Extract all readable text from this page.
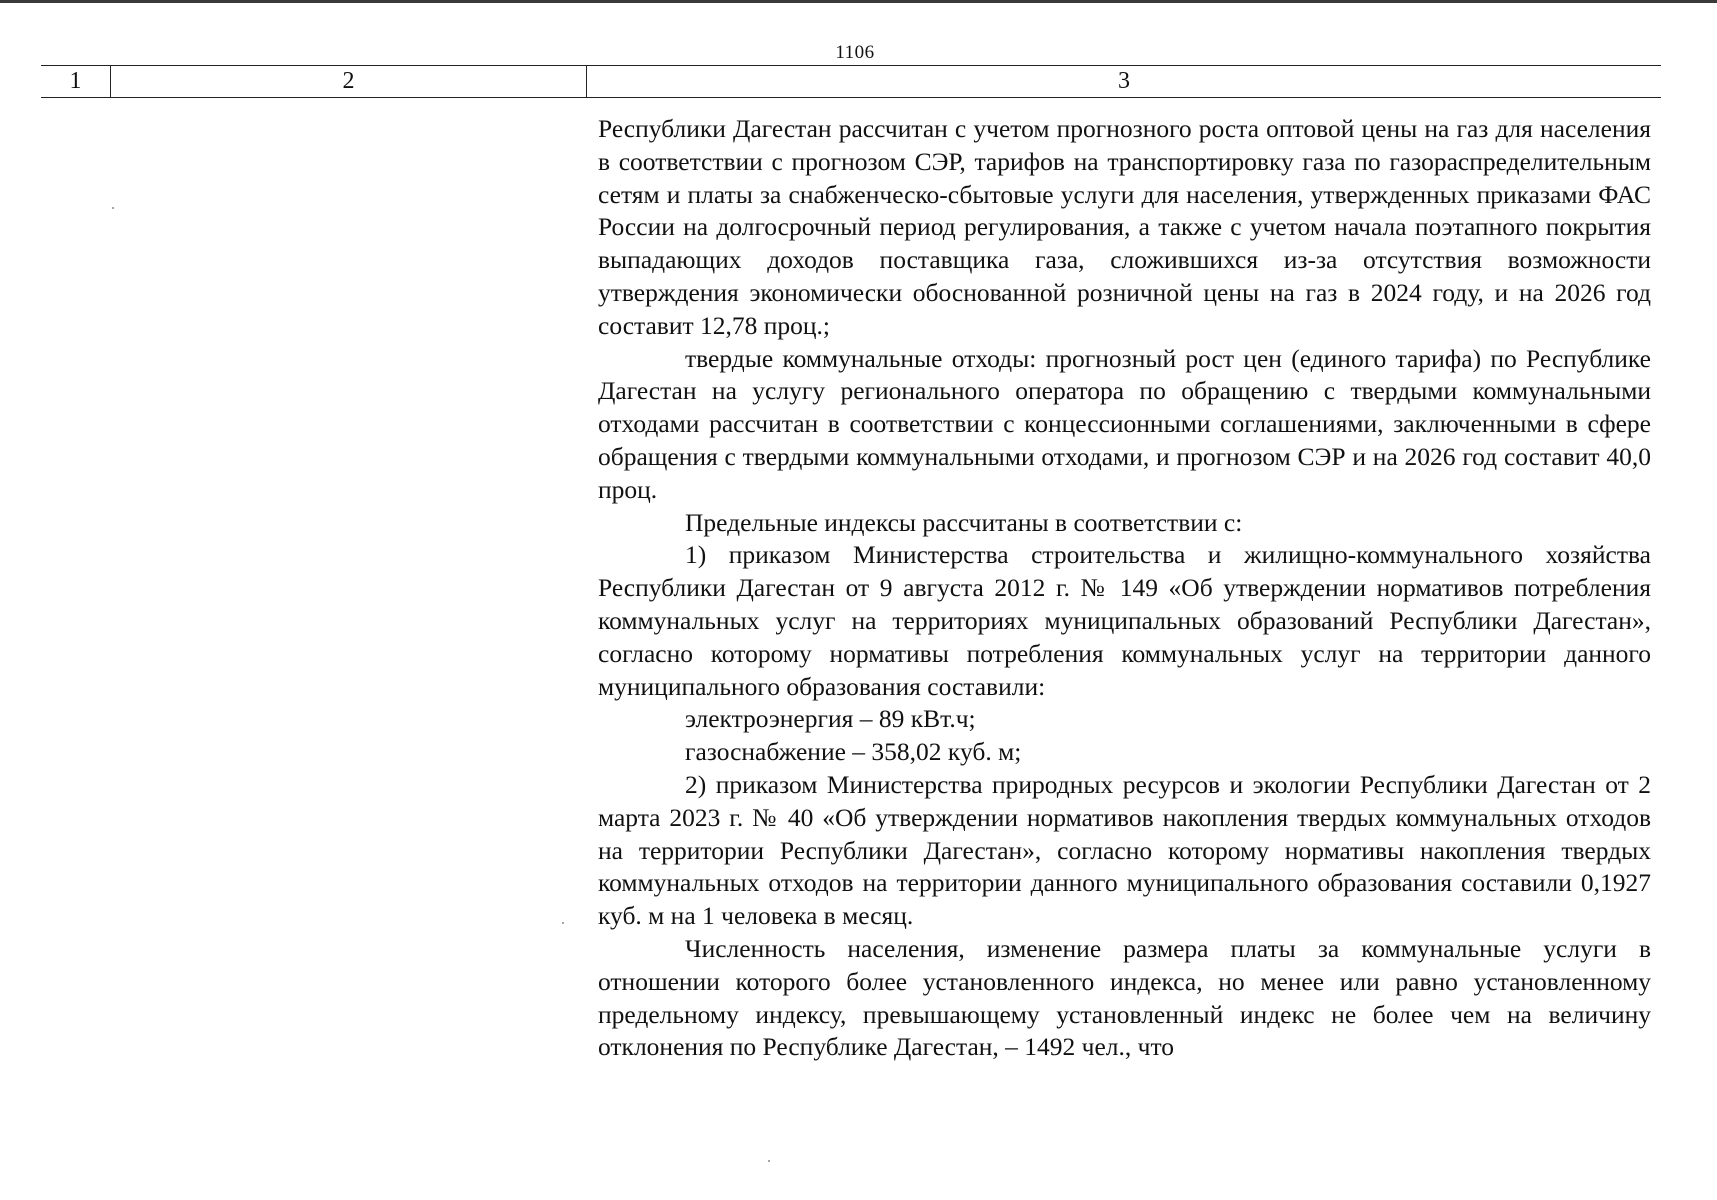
1106
1	2	3

Республики Дагестан рассчитан с учетом прогнозного роста оптовой цены на газ для населения в соответствии с прогнозом СЭР, тарифов на транспортировку газа по газораспределительным сетям и платы за снабженческо-сбытовые услуги для населения, утвержденных приказами ФАС России на долгосрочный период регулирования, а также с учетом начала поэтапного покрытия выпадающих доходов поставщика газа, сложившихся из-за отсутствия возможности утверждения экономически обоснованной розничной цены на газ в 2024 году, и на 2026 год составит 12,78 проц.;

твердые коммунальные отходы: прогнозный рост цен (единого тарифа) по Республике Дагестан на услугу регионального оператора по обращению с твердыми коммунальными отходами рассчитан в соответствии с концессионными соглашениями, заключенными в сфере обращения с твердыми коммунальными отходами, и прогнозом СЭР и на 2026 год составит 40,0 проц.

Предельные индексы рассчитаны в соответствии с:

1) приказом Министерства строительства и жилищно-коммунального хозяйства Республики Дагестан от 9 августа 2012 г. № 149 «Об утверждении нормативов потребления коммунальных услуг на территориях муниципальных образований Республики Дагестан», согласно которому нормативы потребления коммунальных услуг на территории данного муниципального образования составили:

электроэнергия – 89 кВт.ч;

газоснабжение – 358,02 куб. м;

2) приказом Министерства природных ресурсов и экологии Республики Дагестан от 2 марта 2023 г. № 40 «Об утверждении нормативов накопления твердых коммунальных отходов на территории Республики Дагестан», согласно которому нормативы накопления твердых коммунальных отходов на территории данного муниципального образования составили 0,1927 куб. м на 1 человека в месяц.

Численность населения, изменение размера платы за коммунальные услуги в отношении которого более установленного индекса, но менее или равно установленному предельному индексу, превышающему установленный индекс не более чем на величину отклонения по Республике Дагестан, – 1492 чел., что
